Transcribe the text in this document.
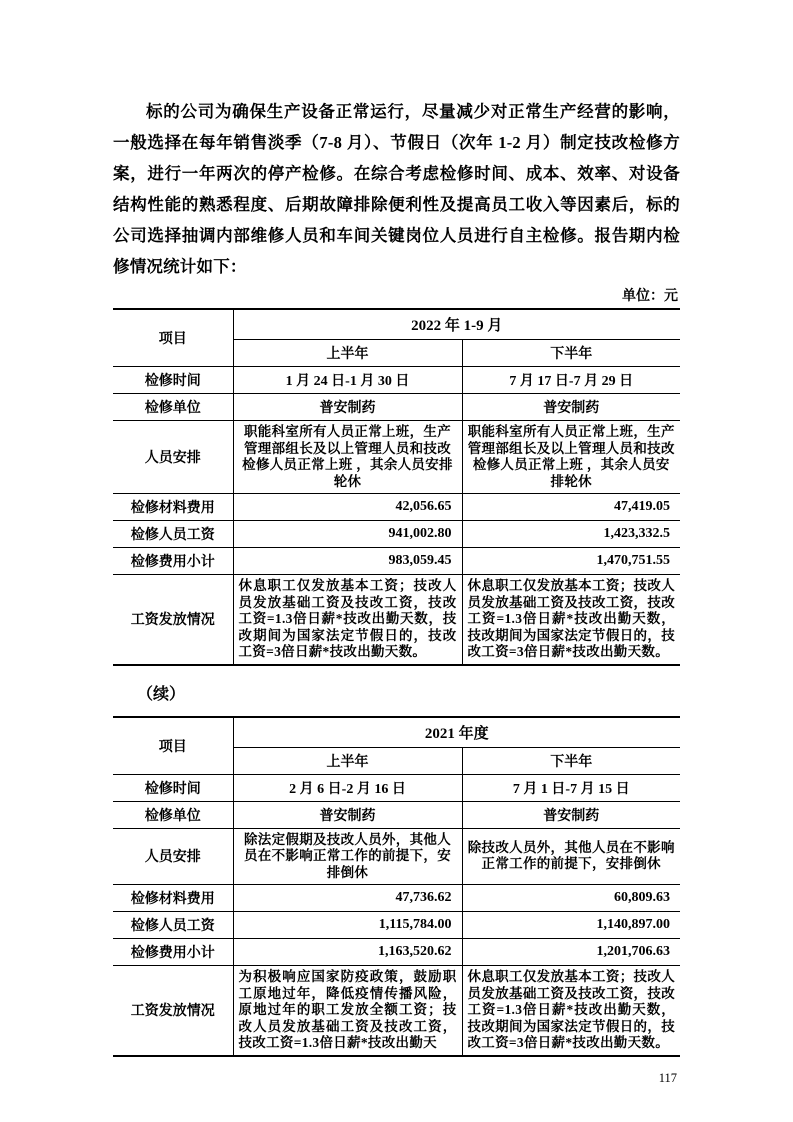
标的公司为确保生产设备正常运行，尽量减少对正常生产经营的影响，一般选择在每年销售淡季（7-8 月）、节假日（次年 1-2 月）制定技改检修方案，进行一年两次的停产检修。在综合考虑检修时间、成本、效率、对设备结构性能的熟悉程度、后期故障排除便利性及提高员工收入等因素后，标的公司选择抽调内部维修人员和车间关键岗位人员进行自主检修。报告期内检修情况统计如下：

单位：元
项目	2022 年 1-9 月	
	上半年	下半年
检修时间	1 月 24 日-1 月 30 日	7 月 17 日-7 月 29 日
检修单位	普安制药	普安制药
人员安排	职能科室所有人员正常上班，生产管理部组长及以上管理人员和技改检修人员正常上班 ，其余人员安排轮休	职能科室所有人员正常上班，生产管理部组长及以上管理人员和技改检修人员正常上班 ，其余人员安排轮休
检修材料费用	42,056.65	47,419.05
检修人员工资	941,002.80	1,423,332.5
检修费用小计	983,059.45	1,470,751.55
工资发放情况	休息职工仅发放基本工资；技改人员发放基础工资及技改工资，技改工资=1.3倍日薪*技改出勤天数，技改期间为国家法定节假日的，技改工资=3倍日薪*技改出勤天数。	休息职工仅发放基本工资；技改人员发放基础工资及技改工资，技改工资=1.3倍日薪*技改出勤天数，技改期间为国家法定节假日的，技改工资=3倍日薪*技改出勤天数。
（续）
项目	2021 年度	
	上半年	下半年
检修时间	2 月 6 日-2 月 16 日	7 月 1 日-7 月 15 日
检修单位	普安制药	普安制药
人员安排	除法定假期及技改人员外，其他人员在不影响正常工作的前提下，安排倒休	除技改人员外，其他人员在不影响正常工作的前提下，安排倒休
检修材料费用	47,736.62	60,809.63
检修人员工资	1,115,784.00	1,140,897.00
检修费用小计	1,163,520.62	1,201,706.63
工资发放情况	为积极响应国家防疫政策，鼓励职工原地过年，降低疫情传播风险，原地过年的职工发放全额工资；技改人员发放基础工资及技改工资，技改工资=1.3倍日薪*技改出勤天	休息职工仅发放基本工资；技改人员发放基础工资及技改工资，技改工资=1.3倍日薪*技改出勤天数，技改期间为国家法定节假日的，技改工资=3倍日薪*技改出勤天数。
117
